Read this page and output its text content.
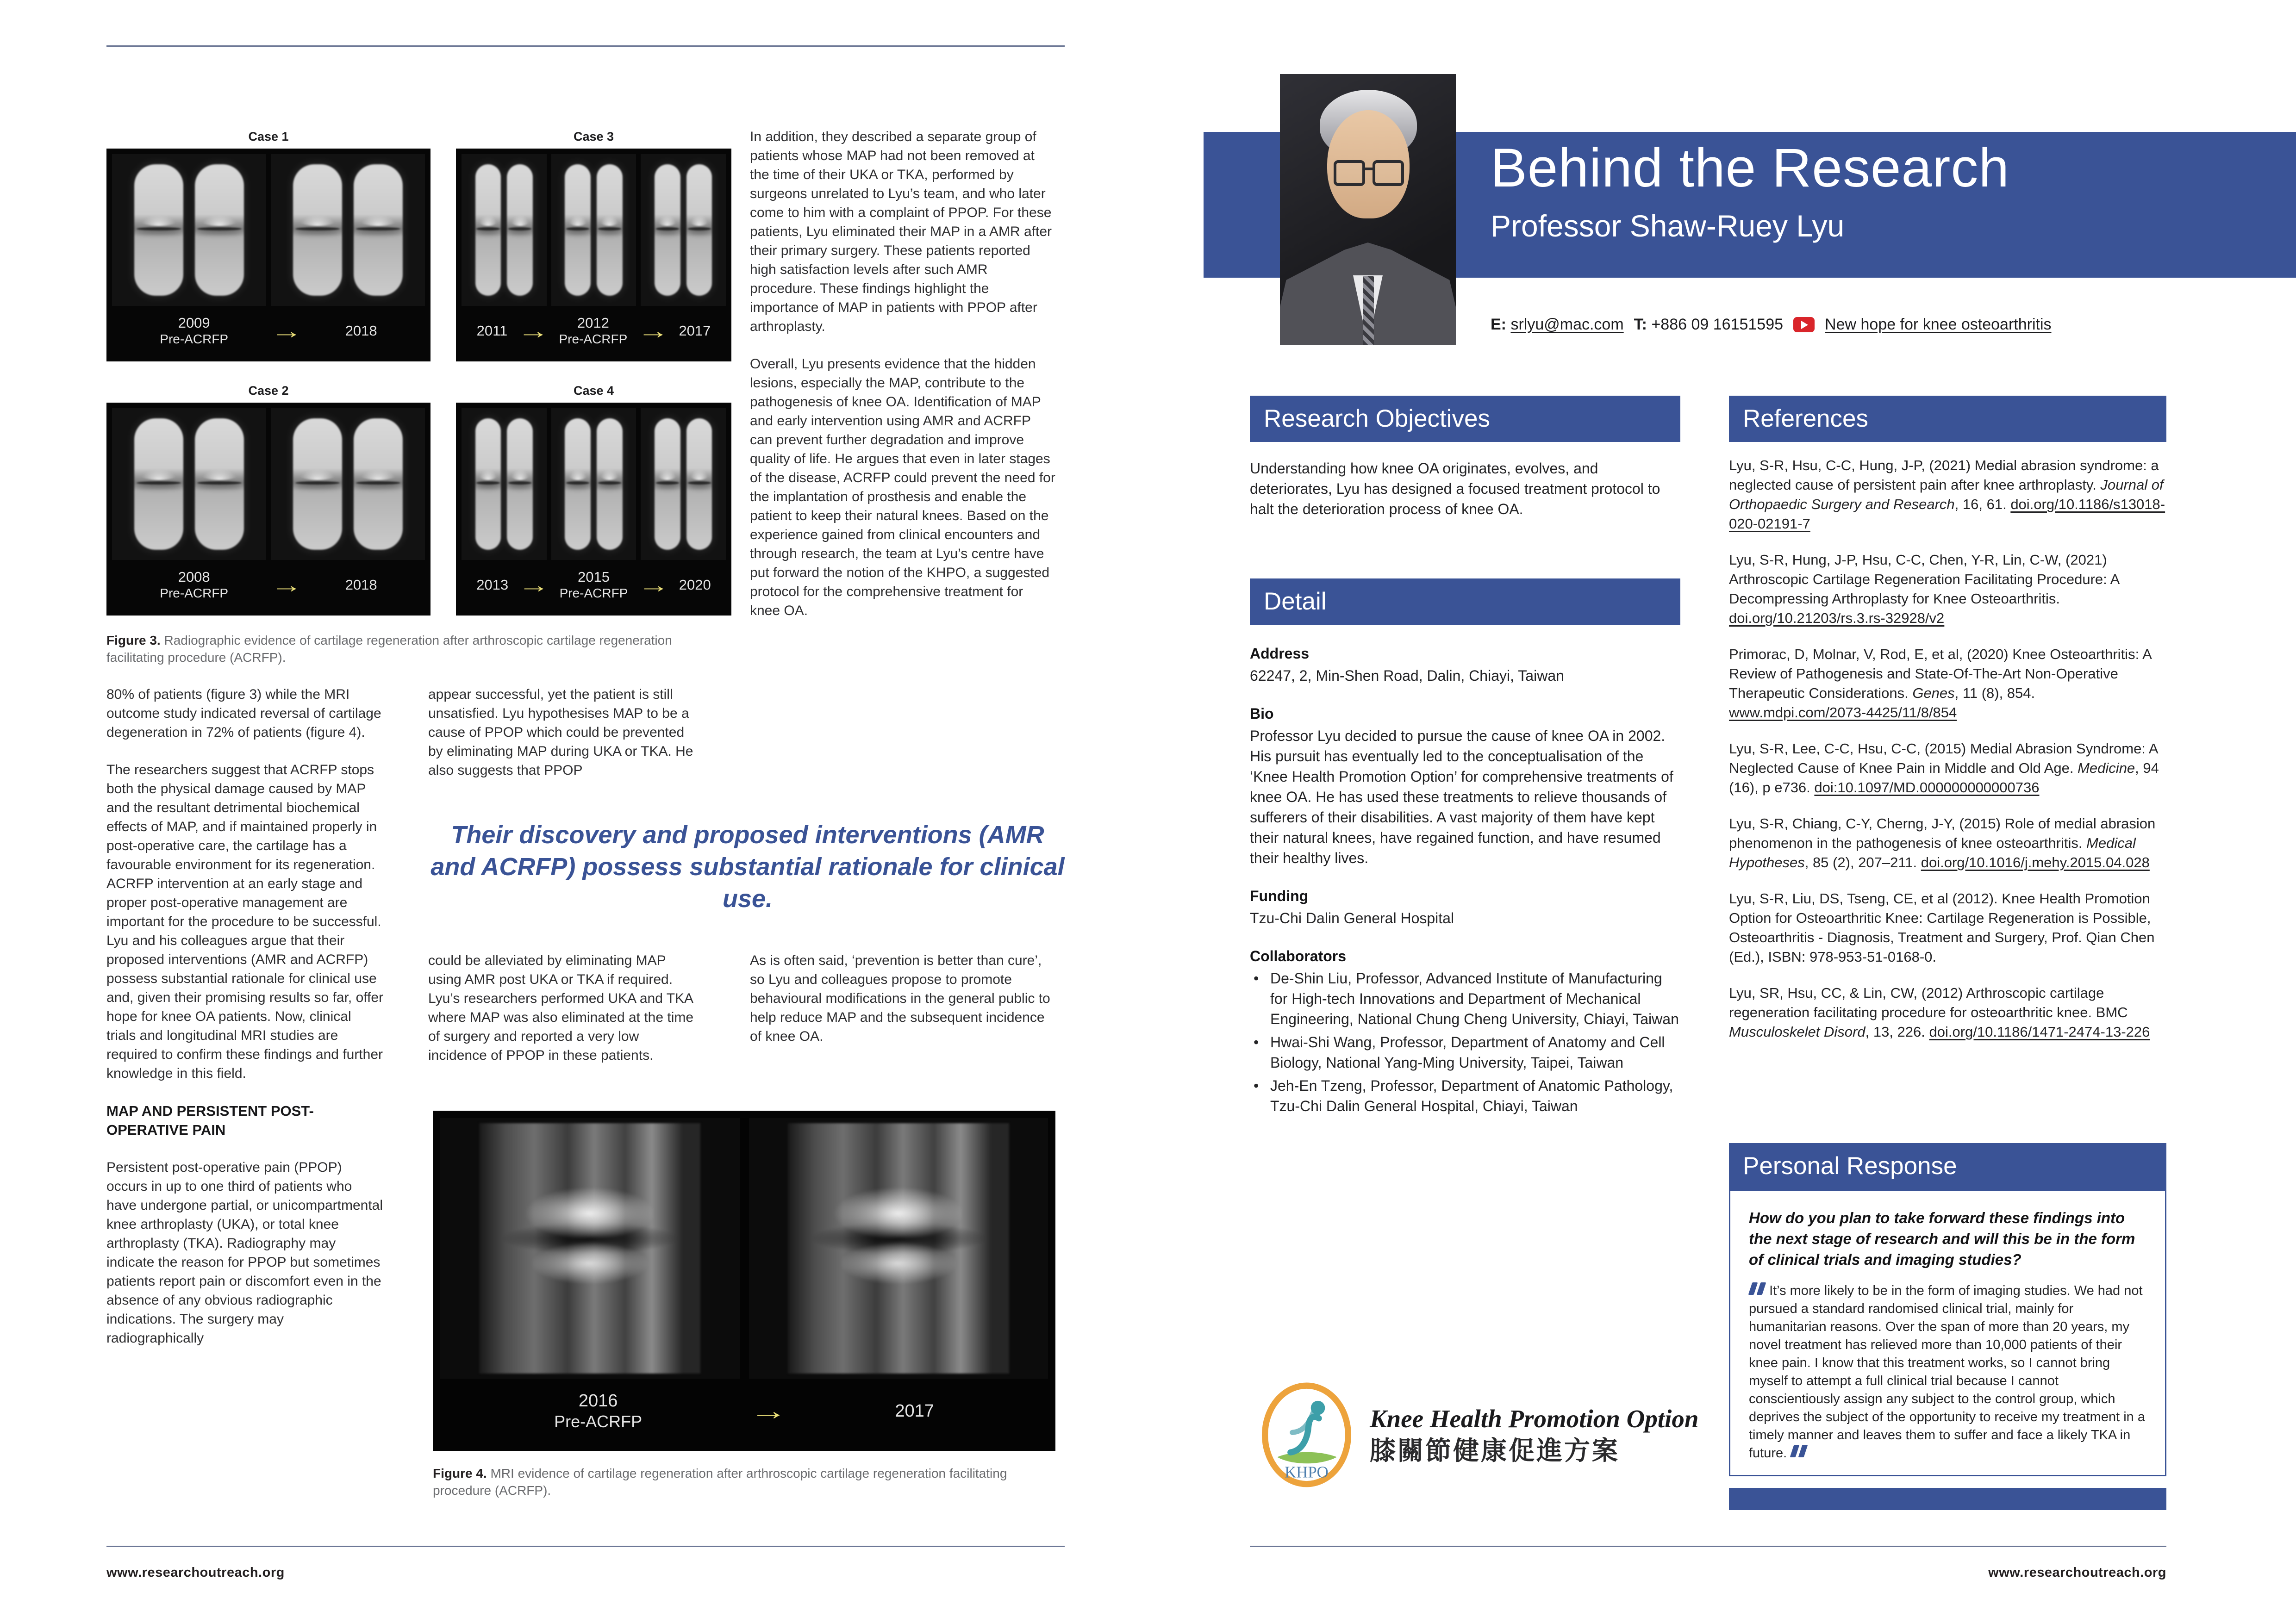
Case 1
2009
Pre-ACRFP →	2018
Case 3
2011 →	2012
Pre-ACRFP → 2017
Case 2
2008
Pre-ACRFP →	2018
Case 4
2013 →	2015
Pre-ACRFP → 2020
Figure 3. Radiographic evidence of cartilage regeneration after arthroscopic cartilage regeneration facilitating procedure (ACRFP).

80% of patients (figure 3) while the MRI outcome study indicated reversal of cartilage degeneration in 72% of patients (figure 4).

The researchers suggest that ACRFP stops both the physical damage caused by MAP and the resultant detrimental biochemical effects of MAP, and if maintained properly in post-operative care, the cartilage has a favourable environment for its regeneration. ACRFP intervention at an early stage and proper post-operative management are important for the procedure to be successful. Lyu and his colleagues argue that their proposed interventions (AMR and ACRFP) possess substantial rationale for clinical use and, given their promising results so far, offer hope for knee OA patients. Now, clinical trials and longitudinal MRI studies are required to confirm these findings and further knowledge in this field.

MAP AND PERSISTENT POST-OPERATIVE PAIN

Persistent post-operative pain (PPOP) occurs in up to one third of patients who have undergone partial, or unicompartmental knee arthroplasty (UKA), or total knee arthroplasty (TKA). Radiography may indicate the reason for PPOP but sometimes patients report pain or discomfort even in the absence of any obvious radiographic indications. The surgery may radiographically

appear successful, yet the patient is still unsatisfied. Lyu hypothesises MAP to be a cause of PPOP which could be prevented by eliminating MAP during UKA or TKA. He also suggests that PPOP

In addition, they described a separate group of patients whose MAP had not been removed at the time of their UKA or TKA, performed by surgeons unrelated to Lyu’s team, and who later come to him with a complaint of PPOP. For these patients, Lyu eliminated their MAP in a AMR after their primary surgery. These patients reported high satisfaction levels after such AMR procedure. These findings highlight the importance of MAP in patients with PPOP after arthroplasty.

Overall, Lyu presents evidence that the hidden lesions, especially the MAP, contribute to the pathogenesis of knee OA. Identification of MAP and early intervention using AMR and ACRFP can prevent further degradation and improve quality of life. He argues that even in later stages of the disease, ACRFP could prevent the need for the implantation of prosthesis and enable the patient to keep their natural knees. Based on the experience gained from clinical encounters and through research, the team at Lyu’s centre have put forward the notion of the KHPO, a suggested protocol for the comprehensive treatment for knee OA.

Their discovery and proposed interventions (AMR and ACRFP) possess substantial rationale for clinical use.

could be alleviated by eliminating MAP using AMR post UKA or TKA if required. Lyu’s researchers performed UKA and TKA where MAP was also eliminated at the time of surgery and reported a very low incidence of PPOP in these patients.

As is often said, ‘prevention is better than cure’, so Lyu and colleagues propose to promote behavioural modifications in the general public to help reduce MAP and the subsequent incidence of knee OA.

2016
Pre-ACRFP	→	2017
Figure 4. MRI evidence of cartilage regeneration after arthroscopic cartilage regeneration facilitating procedure (ACRFP).
www.researchoutreach.org
Behind the Research
Professor Shaw-Ruey Lyu
E: srlyu@mac.com T: +886 09 16151595	New hope for knee osteoarthritis
Research Objectives
Understanding how knee OA originates, evolves, and deteriorates, Lyu has designed a focused treatment protocol to halt the deterioration process of knee OA.
Detail
Address
62247, 2, Min-Shen Road, Dalin, Chiayi, Taiwan
Bio
Professor Lyu decided to pursue the cause of knee OA in 2002. His pursuit has eventually led to the conceptualisation of the ‘Knee Health Promotion Option’ for comprehensive treatments of knee OA. He has used these treatments to relieve thousands of sufferers of their disabilities. A vast majority of them have kept their natural knees, have regained function, and have resumed their healthy lives.
Funding
Tzu-Chi Dalin General Hospital
Collaborators
• De-Shin Liu, Professor, Advanced Institute of Manufacturing for High-tech Innovations and Department of Mechanical Engineering, National Chung Cheng University, Chiayi, Taiwan
• Hwai-Shi Wang, Professor, Department of Anatomy and Cell Biology, National Yang-Ming University, Taipei, Taiwan
• Jeh-En Tzeng, Professor, Department of Anatomic Pathology, Tzu-Chi Dalin General Hospital, Chiayi, Taiwan
KHPO
Knee Health Promotion Option
膝關節健康促進方案
References

Lyu, S-R, Hsu, C-C, Hung, J-P, (2021) Medial abrasion syndrome: a neglected cause of persistent pain after knee arthroplasty. Journal of Orthopaedic Surgery and Research, 16, 61. doi.org/10.1186/s13018-020-02191-7

Lyu, S-R, Hung, J-P, Hsu, C-C, Chen, Y-R, Lin, C-W, (2021) Arthroscopic Cartilage Regeneration Facilitating Procedure: A Decompressing Arthroplasty for Knee Osteoarthritis. doi.org/10.21203/rs.3.rs-32928/v2

Primorac, D, Molnar, V, Rod, E, et al, (2020) Knee Osteoarthritis: A Review of Pathogenesis and State-Of-The-Art Non-Operative Therapeutic Considerations. Genes, 11 (8), 854. www.mdpi.com/2073-4425/11/8/854

Lyu, S-R, Lee, C-C, Hsu, C-C, (2015) Medial Abrasion Syndrome: A Neglected Cause of Knee Pain in Middle and Old Age. Medicine, 94 (16), p e736. doi:10.1097/MD.000000000000736

Lyu, S-R, Chiang, C-Y, Cherng, J-Y, (2015) Role of medial abrasion phenomenon in the pathogenesis of knee osteoarthritis. Medical Hypotheses, 85 (2), 207–211. doi.org/10.1016/j.mehy.2015.04.028

Lyu, S-R, Liu, DS, Tseng, CE, et al (2012). Knee Health Promotion Option for Osteoarthritic Knee: Cartilage Regeneration is Possible, Osteoarthritis - Diagnosis, Treatment and Surgery, Prof. Qian Chen (Ed.), ISBN: 978-953-51-0168-0.

Lyu, SR, Hsu, CC, & Lin, CW, (2012) Arthroscopic cartilage regeneration facilitating procedure for osteoarthritic knee. BMC Musculoskelet Disord, 13, 226. doi.org/10.1186/1471-2474-13-226

Personal Response

How do you plan to take forward these findings into the next stage of research and will this be in the form of clinical trials and imaging studies?

It’s more likely to be in the form of imaging studies. We had not pursued a standard randomised clinical trial, mainly for humanitarian reasons. Over the span of more than 20 years, my novel treatment has relieved more than 10,000 patients of their knee pain. I know that this treatment works, so I cannot bring myself to attempt a full clinical trial because I cannot conscientiously assign any subject to the control group, which deprives the subject of the opportunity to receive my treatment in a timely manner and leaves them to suffer and face a likely TKA in future.
www.researchoutreach.org
